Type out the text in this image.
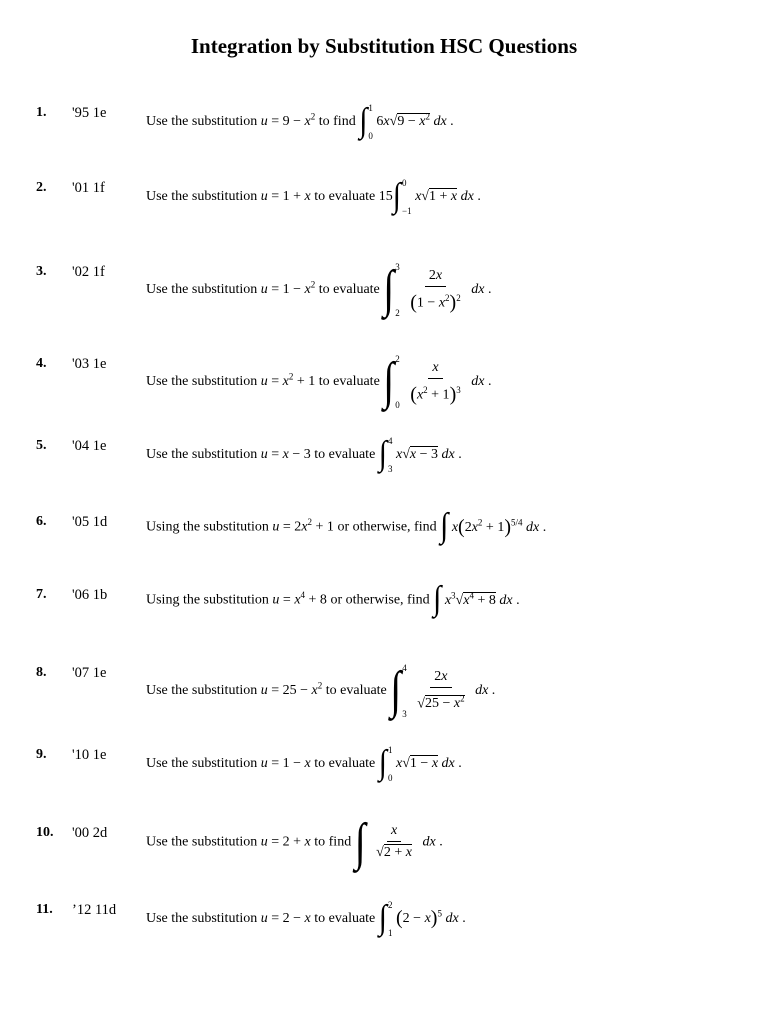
Integration by Substitution HSC Questions
1. '95 1e
Use the substitution $u = 9 - x^2$ to find ∫ 1
0
$6x√9 - x^2$ dx .
2. '01 1f
Use the substitution u = 1 + x to evaluate 15∫ 0
−1
x√1 + x dx .
3. '02 1f
Use the substitution $u = 1 - x^2$ to evaluate ∫ 3
2

$\frac{2x}{(1 - x^2)^2}$ dx .
4. '03 1e
Use the substitution $u = x^2 + 1$ to evaluate ∫ 2
0

$\frac{x}{(x^2 + 1)^3}$ dx .
5. '04 1e
Use the substitution u = x − 3 to evaluate ∫ 4
3
x√x − 3 dx .
6. '05 1d	Using the substitution $u = 2x^2 + 1$ or otherwise, find ∫ $x(2x^2 + 1)^{5/4}$ dx .
7. '06 1b	Using the substitution $u = x^4 + 8$ or otherwise, find ∫ $x^3√x^4 + 8$ dx .
8. '07 1e
Use the substitution $u = 25 - x^2$ to evaluate ∫ 4
3

$\frac{2x}{√25 - x^2}$ dx .
9. '10 1e
Use the substitution u = 1 − x to evaluate ∫ 1
0
x√1 − x dx .
10. '00 2d
Use the substitution u = 2 + x to find ∫ $\frac{x}{√2 + x}$ dx .
11. ’12 11d
Use the substitution u = 2 − x to evaluate ∫ 2
1
$(2 - x)^5$ dx .
